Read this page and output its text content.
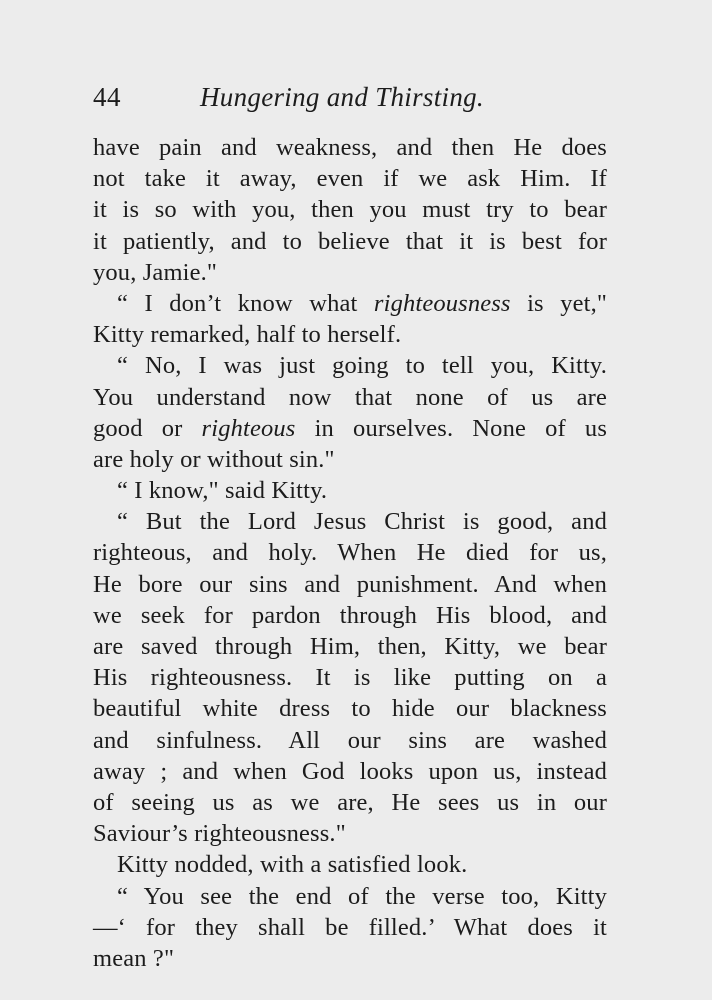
44	Hungering and Thirsting.
have pain and weakness, and then He does
not take it away, even if we ask Him. If
it is so with you, then you must try to bear
it patiently, and to believe that it is best for
you, Jamie."
“ I don’t know what righteousness is yet,"
Kitty remarked, half to herself.
“ No, I was just going to tell you, Kitty.
You understand now that none of us are
good or righteous in ourselves. None of us
are holy or without sin."
“ I know," said Kitty.
“ But the Lord Jesus Christ is good, and
righteous, and holy. When He died for us,
He bore our sins and punishment. And when
we seek for pardon through His blood, and
are saved through Him, then, Kitty, we bear
His righteousness. It is like putting on a
beautiful white dress to hide our blackness
and sinfulness. All our sins are washed
away ; and when God looks upon us, instead
of seeing us as we are, He sees us in our
Saviour’s righteousness."
Kitty nodded, with a satisfied look.
“ You see the end of the verse too, Kitty
—‘ for they shall be filled.’ What does it
mean ?"
